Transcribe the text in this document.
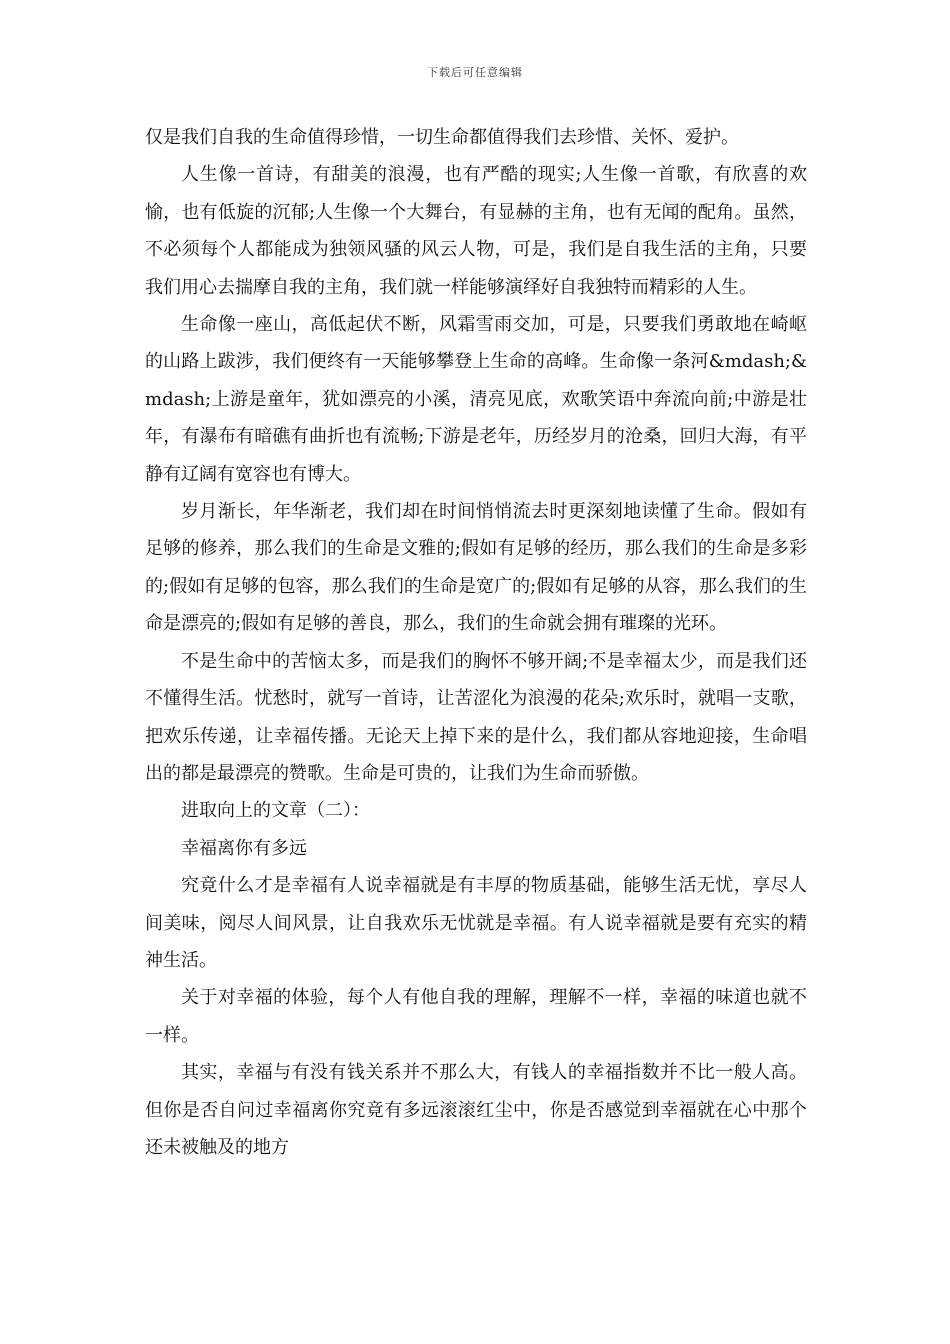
下载后可任意编辑

仅是我们自我的生命值得珍惜，一切生命都值得我们去珍惜、关怀、爱护。

人生像一首诗，有甜美的浪漫，也有严酷的现实;人生像一首歌，有欣喜的欢愉，也有低旋的沉郁;人生像一个大舞台，有显赫的主角，也有无闻的配角。虽然，不必须每个人都能成为独领风骚的风云人物，可是，我们是自我生活的主角，只要我们用心去揣摩自我的主角，我们就一样能够演绎好自我独特而精彩的人生。

生命像一座山，高低起伏不断，风霜雪雨交加，可是，只要我们勇敢地在崎岖的山路上跋涉，我们便终有一天能够攀登上生命的高峰。生命像一条河&mdash;&mdash;上游是童年，犹如漂亮的小溪，清亮见底，欢歌笑语中奔流向前;中游是壮年，有瀑布有暗礁有曲折也有流畅;下游是老年，历经岁月的沧桑，回归大海，有平静有辽阔有宽容也有博大。

岁月渐长，年华渐老，我们却在时间悄悄流去时更深刻地读懂了生命。假如有足够的修养，那么我们的生命是文雅的;假如有足够的经历，那么我们的生命是多彩的;假如有足够的包容，那么我们的生命是宽广的;假如有足够的从容，那么我们的生命是漂亮的;假如有足够的善良，那么，我们的生命就会拥有璀璨的光环。

不是生命中的苦恼太多，而是我们的胸怀不够开阔;不是幸福太少，而是我们还不懂得生活。忧愁时，就写一首诗，让苦涩化为浪漫的花朵;欢乐时，就唱一支歌，把欢乐传递，让幸福传播。无论天上掉下来的是什么，我们都从容地迎接，生命唱出的都是最漂亮的赞歌。生命是可贵的，让我们为生命而骄傲。

进取向上的文章（二）：

幸福离你有多远

究竟什么才是幸福有人说幸福就是有丰厚的物质基础，能够生活无忧，享尽人间美味，阅尽人间风景，让自我欢乐无忧就是幸福。有人说幸福就是要有充实的精神生活。

关于对幸福的体验，每个人有他自我的理解，理解不一样，幸福的味道也就不一样。

其实，幸福与有没有钱关系并不那么大，有钱人的幸福指数并不比一般人高。但你是否自问过幸福离你究竟有多远滚滚红尘中，你是否感觉到幸福就在心中那个还未被触及的地方
